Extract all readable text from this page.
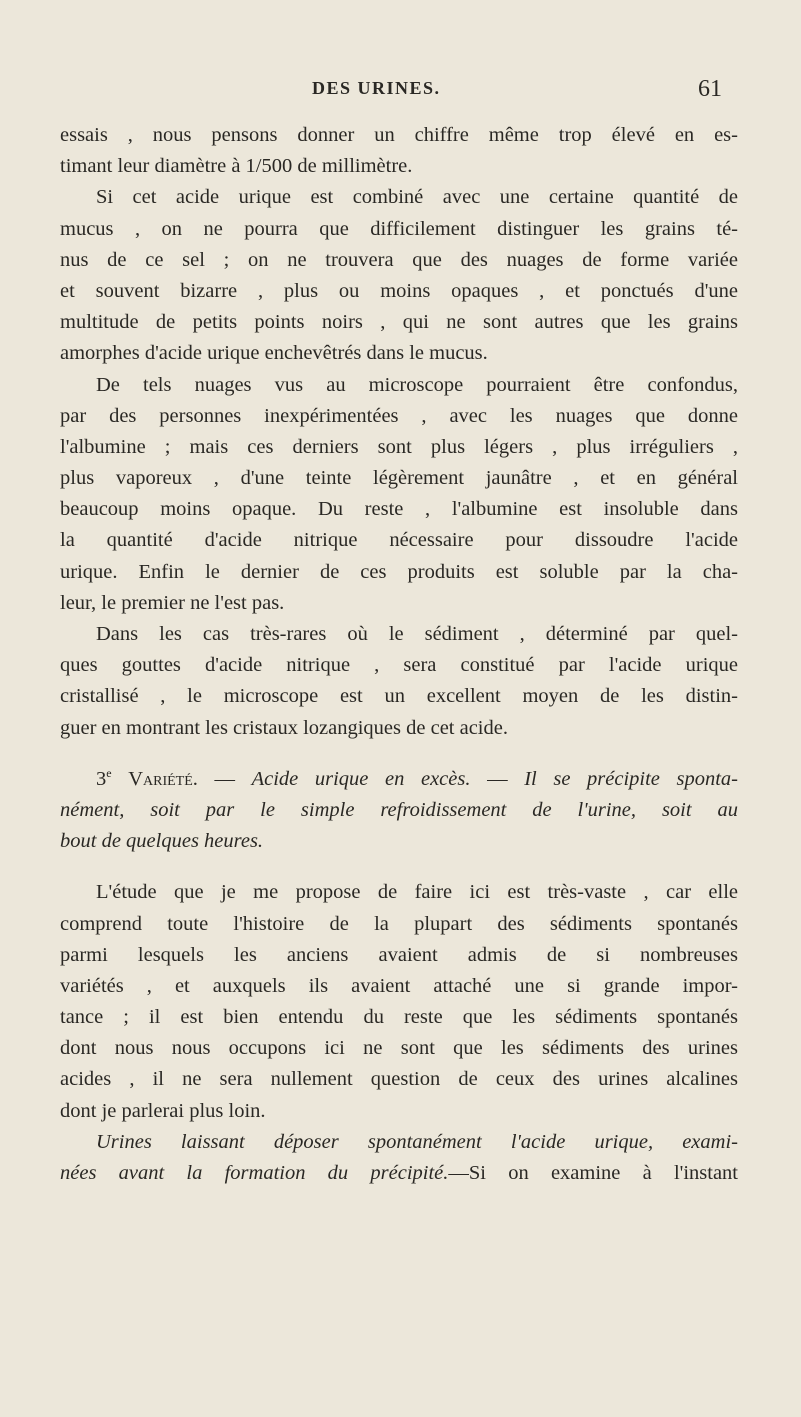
DES URINES.	61
essais , nous pensons donner un chiffre même trop élevé en es-
timant leur diamètre à 1/500 de millimètre.
Si cet acide urique est combiné avec une certaine quantité de
mucus , on ne pourra que difficilement distinguer les grains té-
nus de ce sel ; on ne trouvera que des nuages de forme variée
et souvent bizarre , plus ou moins opaques , et ponctués d'une
multitude de petits points noirs , qui ne sont autres que les grains
amorphes d'acide urique enchevêtrés dans le mucus.
De tels nuages vus au microscope pourraient être confondus,
par des personnes inexpérimentées , avec les nuages que donne
l'albumine ; mais ces derniers sont plus légers , plus irréguliers ,
plus vaporeux , d'une teinte légèrement jaunâtre , et en général
beaucoup moins opaque. Du reste , l'albumine est insoluble dans
la quantité d'acide nitrique nécessaire pour dissoudre l'acide
urique. Enfin le dernier de ces produits est soluble par la cha-
leur, le premier ne l'est pas.
Dans les cas très-rares où le sédiment , déterminé par quel-
ques gouttes d'acide nitrique , sera constitué par l'acide urique
cristallisé , le microscope est un excellent moyen de les distin-
guer en montrant les cristaux lozangiques de cet acide.
3e Variété. — Acide urique en excès. — Il se précipite sponta-
nément, soit par le simple refroidissement de l'urine, soit au
bout de quelques heures.
L'étude que je me propose de faire ici est très-vaste , car elle
comprend toute l'histoire de la plupart des sédiments spontanés
parmi lesquels les anciens avaient admis de si nombreuses
variétés , et auxquels ils avaient attaché une si grande impor-
tance ; il est bien entendu du reste que les sédiments spontanés
dont nous nous occupons ici ne sont que les sédiments des urines
acides , il ne sera nullement question de ceux des urines alcalines
dont je parlerai plus loin.
Urines laissant déposer spontanément l'acide urique, exami-
nées avant la formation du précipité.—Si on examine à l'instant
